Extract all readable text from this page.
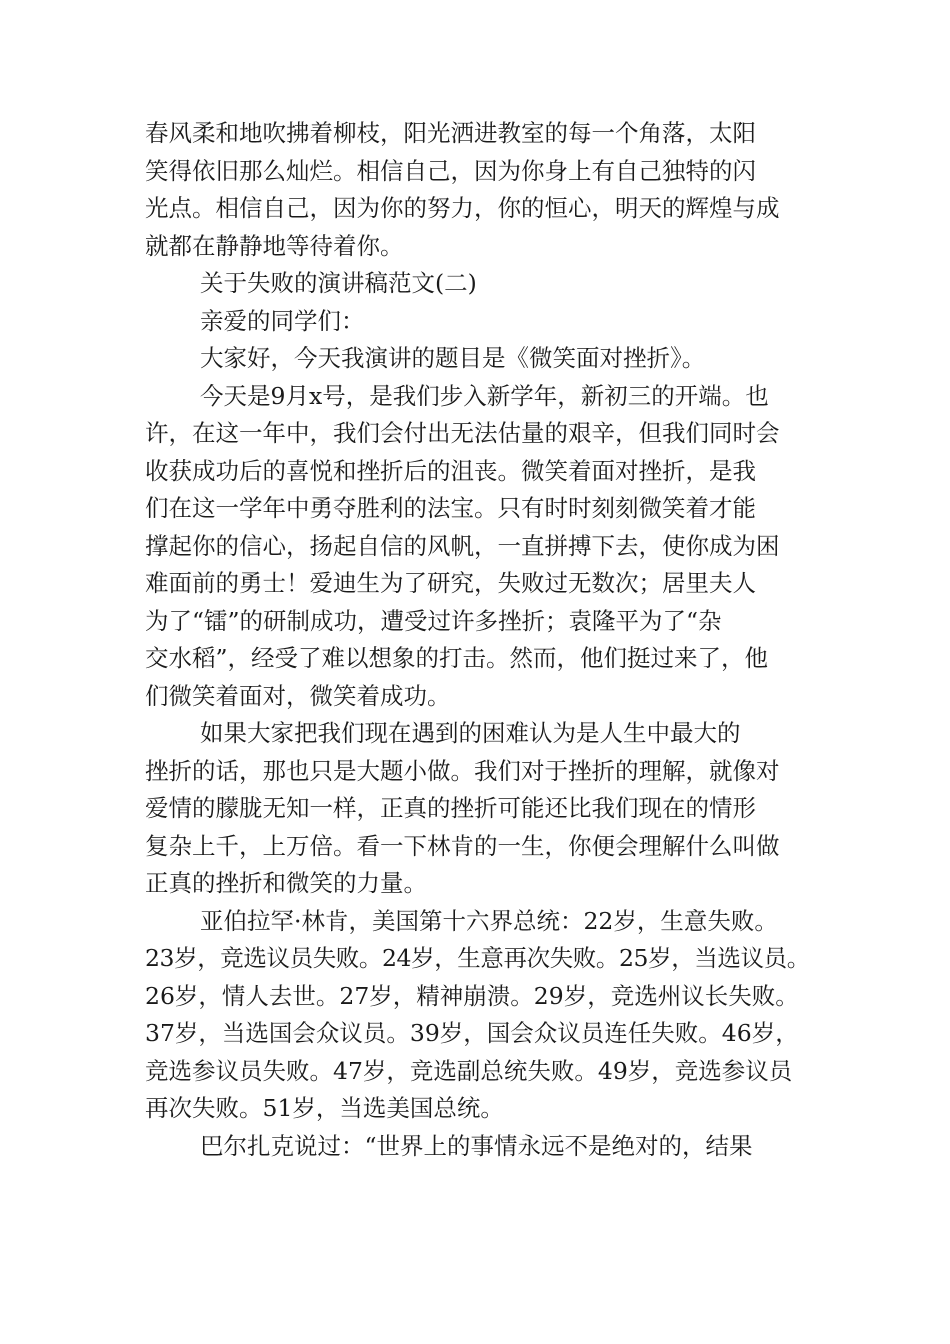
春风柔和地吹拂着柳枝，阳光洒进教室的每一个角落，太阳
笑得依旧那么灿烂。相信自己，因为你身上有自己独特的闪
光点。相信自己，因为你的努力，你的恒心，明天的辉煌与成
就都在静静地等待着你。
关于失败的演讲稿范文(二)
亲爱的同学们：
大家好，今天我演讲的题目是《微笑面对挫折》。
今天是9月x号，是我们步入新学年，新初三的开端。也
许，在这一年中，我们会付出无法估量的艰辛，但我们同时会
收获成功后的喜悦和挫折后的沮丧。微笑着面对挫折，是我
们在这一学年中勇夺胜利的法宝。只有时时刻刻微笑着才能
撑起你的信心，扬起自信的风帆，一直拼搏下去，使你成为困
难面前的勇士！爱迪生为了研究，失败过无数次；居里夫人
为了“镭”的研制成功，遭受过许多挫折；袁隆平为了“杂
交水稻”，经受了难以想象的打击。然而，他们挺过来了，他
们微笑着面对，微笑着成功。
如果大家把我们现在遇到的困难认为是人生中最大的
挫折的话，那也只是大题小做。我们对于挫折的理解，就像对
爱情的朦胧无知一样，正真的挫折可能还比我们现在的情形
复杂上千，上万倍。看一下林肯的一生，你便会理解什么叫做
正真的挫折和微笑的力量。
亚伯拉罕·林肯，美国第十六界总统：22岁，生意失败。
23岁，竞选议员失败。24岁，生意再次失败。25岁，当选议员。
26岁，情人去世。27岁，精神崩溃。29岁，竞选州议长失败。
37岁，当选国会众议员。39岁，国会众议员连任失败。46岁，
竞选参议员失败。47岁，竞选副总统失败。49岁，竞选参议员
再次失败。51岁，当选美国总统。
巴尔扎克说过：“世界上的事情永远不是绝对的，结果
